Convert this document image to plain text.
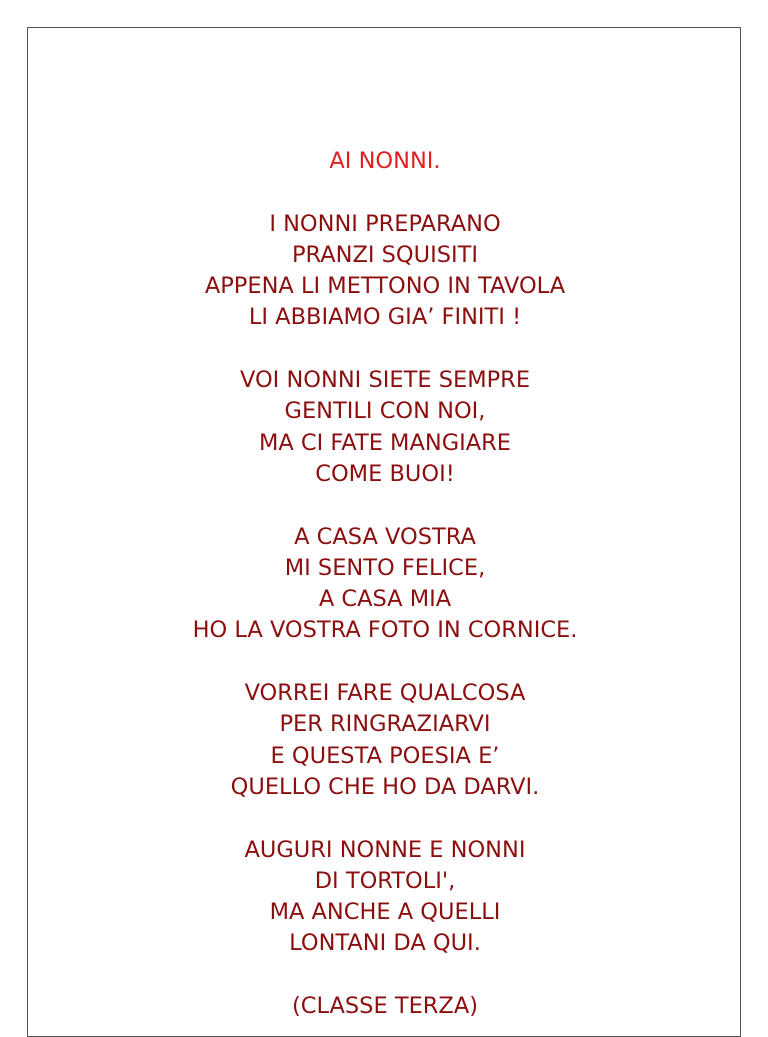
AI NONNI.
I NONNI PREPARANO
PRANZI SQUISITI
APPENA LI METTONO IN TAVOLA
LI ABBIAMO GIA’ FINITI !
VOI NONNI SIETE SEMPRE
GENTILI CON NOI,
MA CI FATE MANGIARE
COME BUOI!
A CASA VOSTRA
MI SENTO FELICE,
A CASA MIA
HO LA VOSTRA FOTO IN CORNICE.
VORREI FARE QUALCOSA
PER RINGRAZIARVI
E QUESTA POESIA E’
QUELLO CHE HO DA DARVI.
AUGURI NONNE E NONNI
DI TORTOLI',
MA ANCHE A QUELLI
LONTANI DA QUI.
(CLASSE TERZA)
